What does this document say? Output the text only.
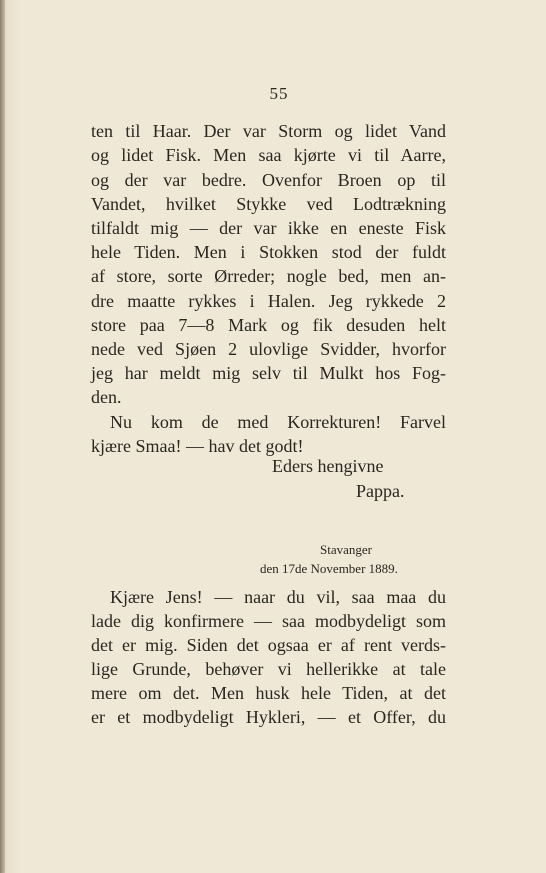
55
ten til Haar. Der var Storm og lidet Vand
og lidet Fisk. Men saa kjørte vi til Aarre,
og der var bedre. Ovenfor Broen op til
Vandet, hvilket Stykke ved Lodtrækning
tilfaldt mig — der var ikke en eneste Fisk
hele Tiden. Men i Stokken stod der fuldt
af store, sorte Ørreder; nogle bed, men an-
dre maatte rykkes i Halen. Jeg rykkede 2
store paa 7—8 Mark og fik desuden helt
nede ved Sjøen 2 ulovlige Svidder, hvorfor
jeg har meldt mig selv til Mulkt hos Fog-
den.
Nu kom de med Korrekturen! Farvel
kjære Smaa! — hav det godt!
Eders hengivne
Pappa.
Stavanger
den 17de November 1889.
Kjære Jens! — naar du vil, saa maa du
lade dig konfirmere — saa modbydeligt som
det er mig. Siden det ogsaa er af rent verds-
lige Grunde, behøver vi hellerikke at tale
mere om det. Men husk hele Tiden, at det
er et modbydeligt Hykleri, — et Offer, du
